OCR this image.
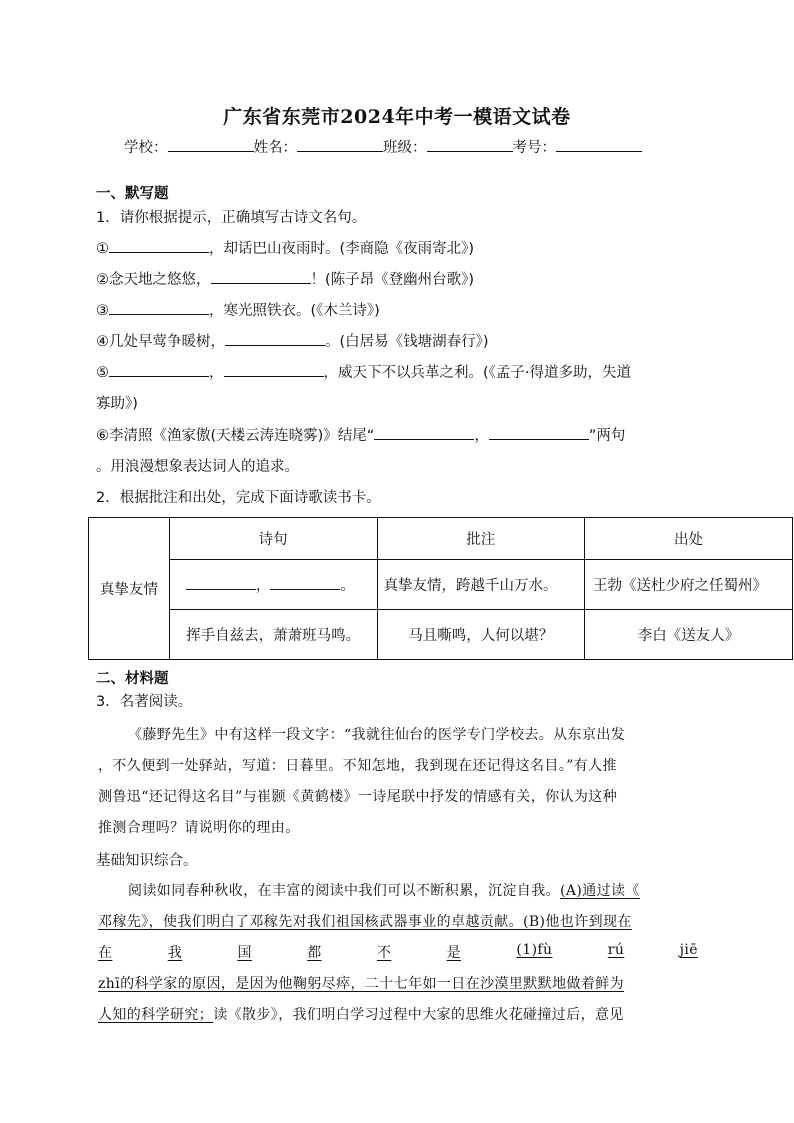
广东省东莞市2024年中考一模语文试卷
学校：	姓名：	班级：	考号：
一、默写题
1．请你根据提示，正确填写古诗文名句。
①	，却话巴山夜雨时。(李商隐《夜雨寄北》)
②念天地之悠悠，	！(陈子昂《登幽州台歌》)
③	，寒光照铁衣。(《木兰诗》)
④几处早莺争暖树，	。(白居易《钱塘湖春行》)
⑤	，	，威天下不以兵革之利。(《孟子·得道多助，失道
寡助》)
⑥李清照《渔家傲(天楼云涛连晓雾)》结尾“	，	”两句
。用浪漫想象表达词人的追求。
2．根据批注和出处，完成下面诗歌读书卡。
真挚友情	诗句	批注	出处
	， 。	真挚友情，跨越千山万水。	王勃《送杜少府之任蜀州》
	挥手自兹去，萧萧班马鸣。	马且嘶鸣，人何以堪？	李白《送友人》
二、材料题
3．名著阅读。
《藤野先生》中有这样一段文字：“我就往仙台的医学专门学校去。从东京出发
，不久便到一处驿站，写道：日暮里。不知怎地，我到现在还记得这名目。”有人推
测鲁迅“还记得这名目”与崔颢《黄鹤楼》一诗尾联中抒发的情感有关，你认为这种
推测合理吗？请说明你的理由。
基础知识综合。
阅读如同春种秋收，在丰富的阅读中我们可以不断积累，沉淀自我。(A)通过读《
邓稼先》，使我们明白了邓稼先对我们祖国核武器事业的卓越贡献。(B)他也许到现在
在	我	国	都	不	是	(1)fù	rú	jiē
zhī的科学家的原因，是因为他鞠躬尽瘁，二十七年如一日在沙漠里默默地做着鲜为
人知的科学研究；读《散步》，我们明白学习过程中大家的思维火花碰撞过后，意见
